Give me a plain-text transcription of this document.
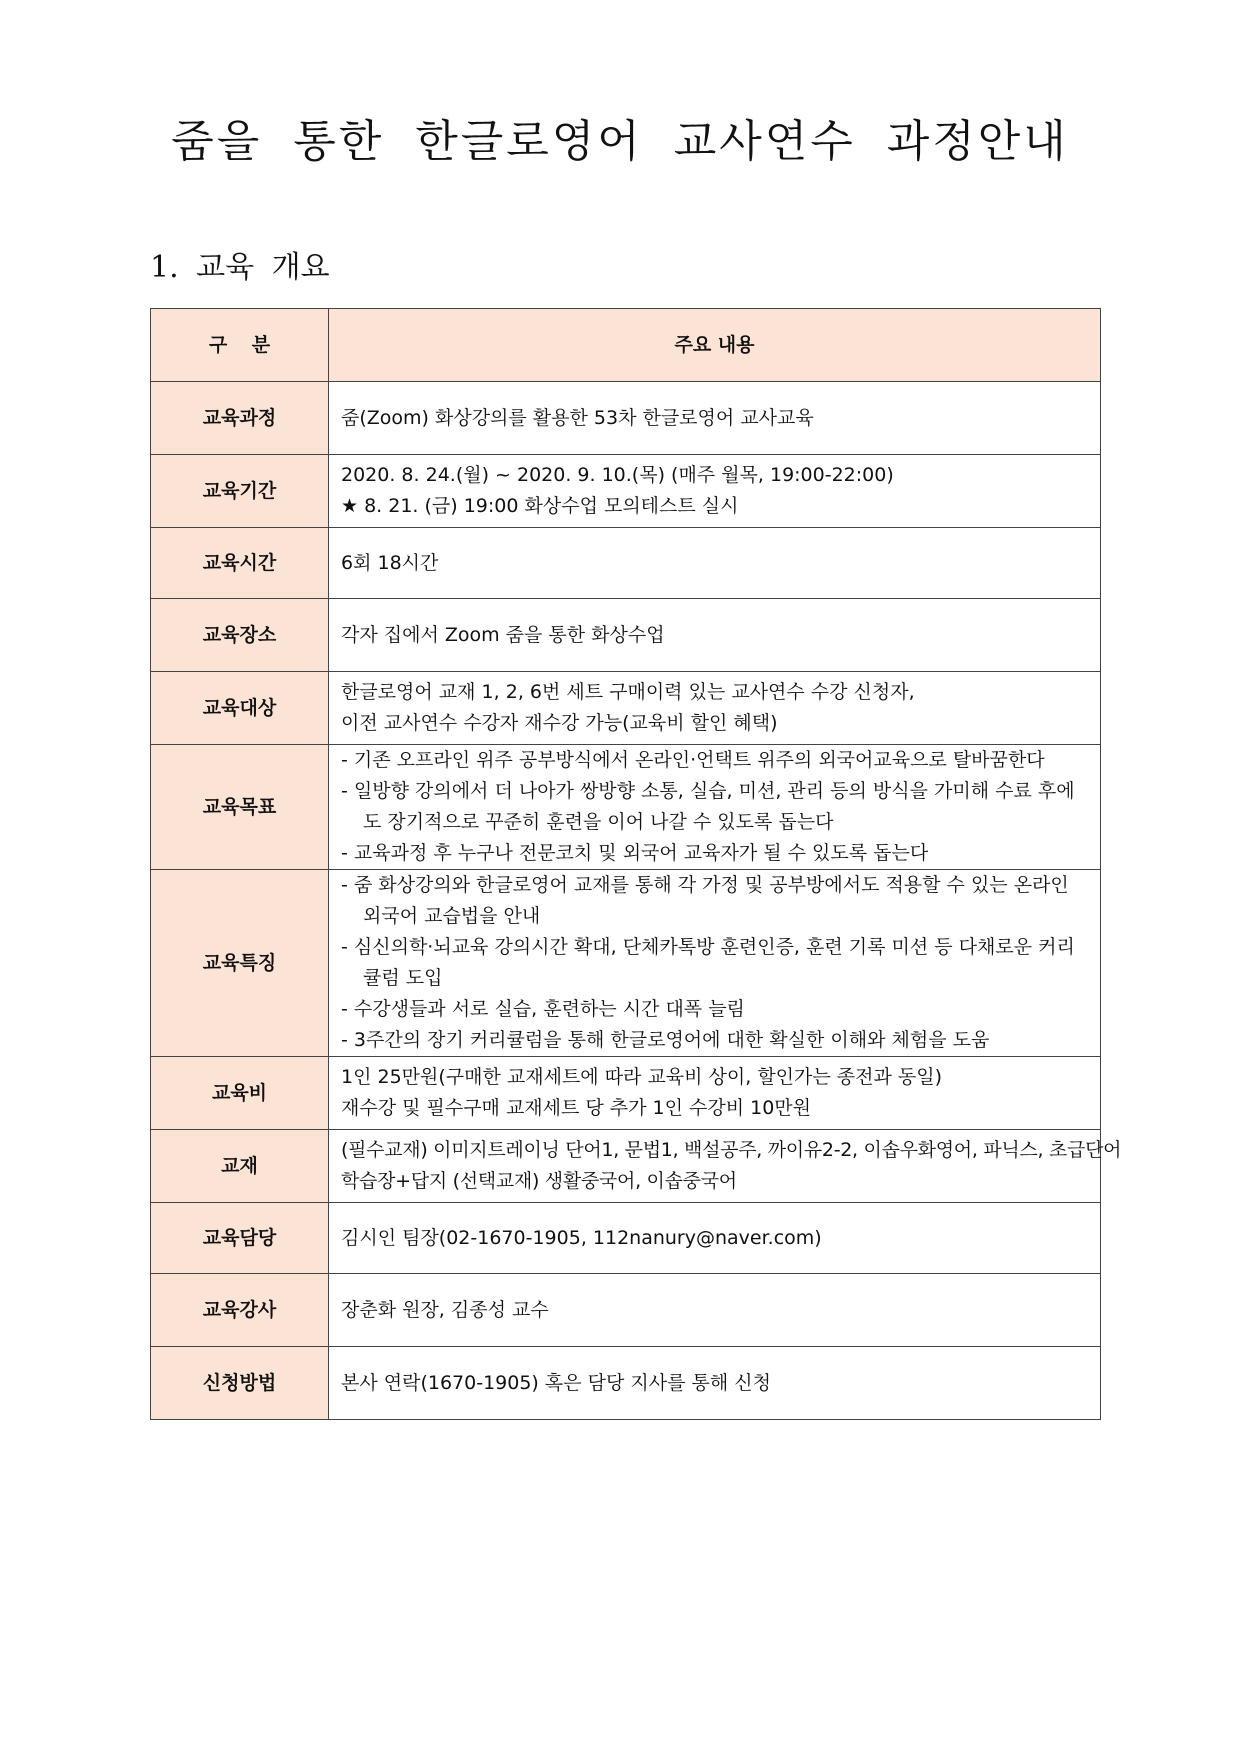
줌을 통한 한글로영어 교사연수 과정안내
1. 교육 개요
구 분	주요 내용
교육과정	줌(Zoom) 화상강의를 활용한 53차 한글로영어 교사교육

교육기간	2020. 8. 24.(월) ~ 2020. 9. 10.(목) (매주 월목, 19:00-22:00)
★ 8. 21. (금) 19:00 화상수업 모의테스트 실시

교육시간	6회 18시간

교육장소	각자 집에서 Zoom 줌을 통한 화상수업

교육대상	한글로영어 교재 1, 2, 6번 세트 구매이력 있는 교사연수 수강 신청자,
이전 교사연수 수강자 재수강 가능(교육비 할인 혜택)

교육목표	- 기존 오프라인 위주 공부방식에서 온라인·언택트 위주의 외국어교육으로 탈바꿈한다
- 일방향 강의에서 더 나아가 쌍방향 소통, 실습, 미션, 관리 등의 방식을 가미해 수료 후에도 장기적으로 꾸준히 훈련을 이어 나갈 수 있도록 돕는다
- 교육과정 후 누구나 전문코치 및 외국어 교육자가 될 수 있도록 돕는다

교육특징	- 줌 화상강의와 한글로영어 교재를 통해 각 가정 및 공부방에서도 적용할 수 있는 온라인 외국어 교습법을 안내
- 심신의학·뇌교육 강의시간 확대, 단체카톡방 훈련인증, 훈련 기록 미션 등 다채로운 커리큘럼 도입
- 수강생들과 서로 실습, 훈련하는 시간 대폭 늘림
- 3주간의 장기 커리큘럼을 통해 한글로영어에 대한 확실한 이해와 체험을 도움

교육비	1인 25만원(구매한 교재세트에 따라 교육비 상이, 할인가는 종전과 동일)
재수강 및 필수구매 교재세트 당 추가 1인 수강비 10만원

교재	(필수교재) 이미지트레이닝 단어1, 문법1, 백설공주, 까이유2-2, 이솝우화영어, 파닉스, 초급단어
학습장+답지 (선택교재) 생활중국어, 이솝중국어

교육담당	김시인 팀장(02-1670-1905, 112nanury@naver.com)

교육강사	장춘화 원장, 김종성 교수

신청방법	본사 연락(1670-1905) 혹은 담당 지사를 통해 신청
